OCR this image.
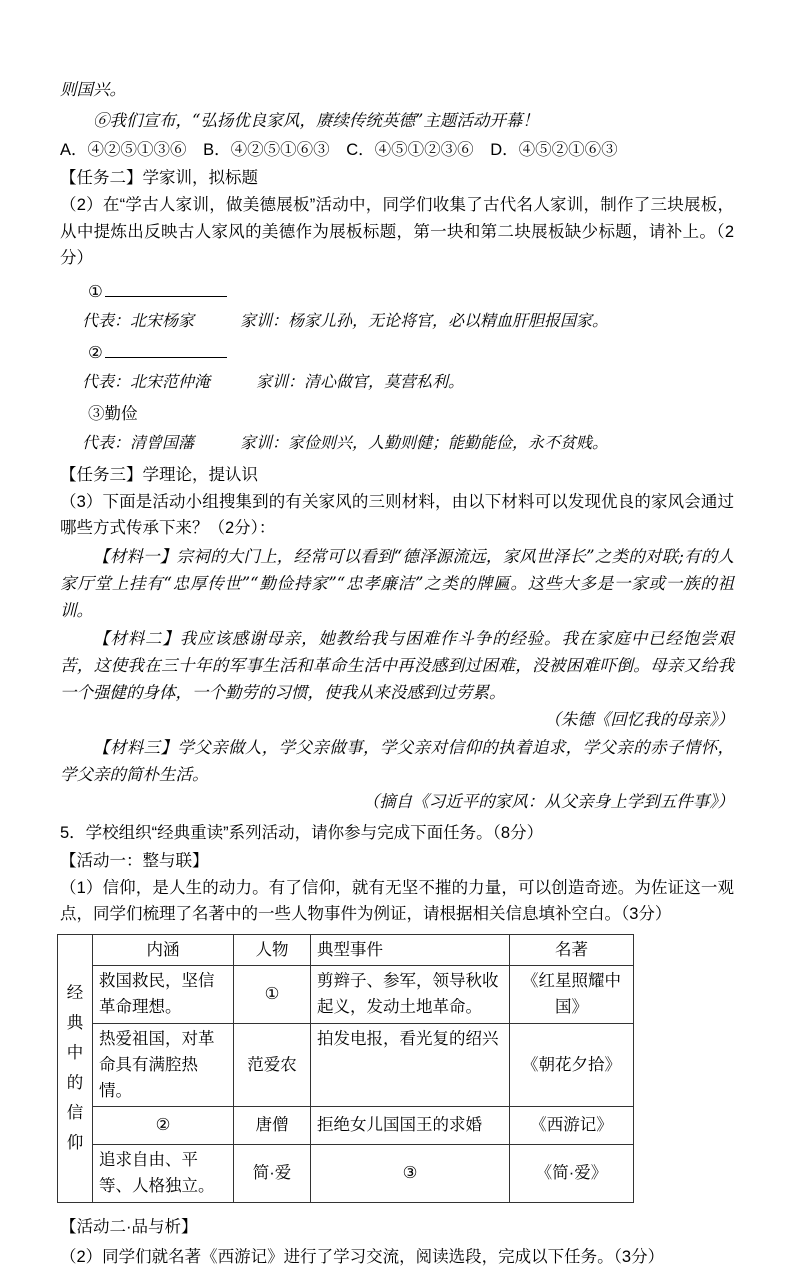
则国兴。

⑥我们宣布，“弘扬优良家风，赓续传统英德”主题活动开幕！

A．④②⑤①③⑥ B．④②⑤①⑥③ C．④⑤①②③⑥ D．④⑤②①⑥③

【任务二】学家训，拟标题

（2）在“学古人家训，做美德展板”活动中，同学们收集了古代名人家训，制作了三块展板，从中提炼出反映古人家风的美德作为展板标题，第一块和第二块展板缺少标题，请补上。（2分）

①

代表：北宋杨家	家训：杨家儿孙，无论将官，必以精血肝胆报国家。

②

代表：北宋范仲淹	家训：清心做官，莫营私利。

③勤俭

代表：清曾国藩	家训：家俭则兴，人勤则健；能勤能俭，永不贫贱。

【任务三】学理论，提认识

（3）下面是活动小组搜集到的有关家风的三则材料，由以下材料可以发现优良的家风会通过哪些方式传承下来？（2分）：

【材料一】宗祠的大门上，经常可以看到“德泽源流远，家风世泽长”之类的对联;有的人家厅堂上挂有“忠厚传世”“勤俭持家”“忠孝廉洁”之类的牌匾。这些大多是一家或一族的祖训。

【材料二】我应该感谢母亲，她教给我与困难作斗争的经验。我在家庭中已经饱尝艰苦，这使我在三十年的军事生活和革命生活中再没感到过困难，没被困难吓倒。母亲又给我一个强健的身体，一个勤劳的习惯，使我从来没感到过劳累。

（朱德《回忆我的母亲》）

【材料三】学父亲做人，学父亲做事，学父亲对信仰的执着追求，学父亲的赤子情怀，学父亲的简朴生活。

（摘自《习近平的家风：从父亲身上学到五件事》）

5．学校组织“经典重读”系列活动，请你参与完成下面任务。（8分）

【活动一：整与联】

（1）信仰，是人生的动力。有了信仰，就有无坚不摧的力量，可以创造奇迹。为佐证这一观点，同学们梳理了名著中的一些人物事件为例证，请根据相关信息填补空白。（3分）

经典中的信仰	内涵	人物	典型事件	名著
	救国救民，坚信革命理想。	①	剪辫子、参军，领导秋收起义，发动土地革命。	《红星照耀中国》
	热爱祖国，对革命具有满腔热情。	范爱农	拍发电报，看光复的绍兴	《朝花夕拾》
	②	唐僧	拒绝女儿国国王的求婚	《西游记》
	追求自由、平等、人格独立。	简·爱	③	《简·爱》

【活动二·品与析】

（2）同学们就名著《西游记》进行了学习交流，阅读选段，完成以下任务。（3分）
